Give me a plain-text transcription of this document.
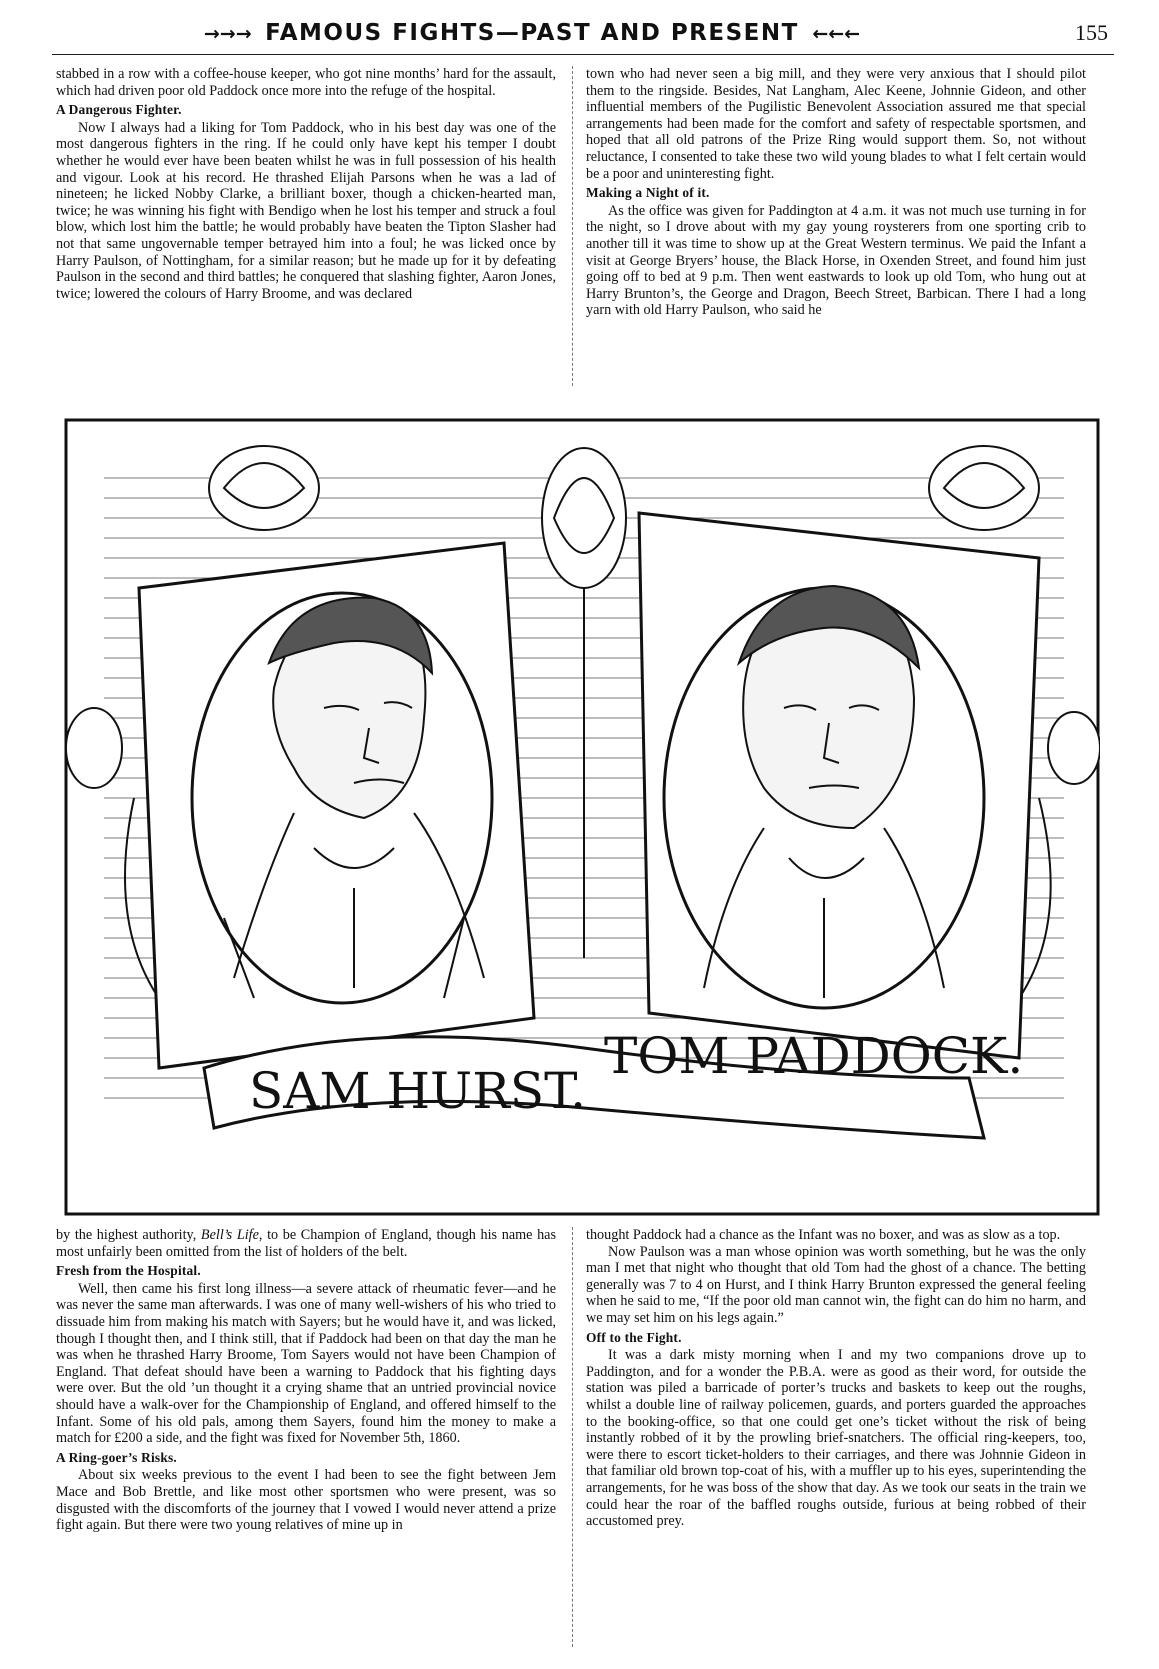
→→→ FAMOUS FIGHTS—PAST AND PRESENT ←←←	155

stabbed in a row with a coffee-house keeper, who got nine months’ hard for the assault, which had driven poor old Paddock once more into the refuge of the hospital.

A Dangerous Fighter.

Now I always had a liking for Tom Paddock, who in his best day was one of the most dangerous fighters in the ring. If he could only have kept his temper I doubt whether he would ever have been beaten whilst he was in full possession of his health and vigour. Look at his record. He thrashed Elijah Parsons when he was a lad of nineteen; he licked Nobby Clarke, a brilliant boxer, though a chicken-hearted man, twice; he was winning his fight with Bendigo when he lost his temper and struck a foul blow, which lost him the battle; he would probably have beaten the Tipton Slasher had not that same ungovernable temper betrayed him into a foul; he was licked once by Harry Paulson, of Nottingham, for a similar reason; but he made up for it by defeating Paulson in the second and third battles; he conquered that slashing fighter, Aaron Jones, twice; lowered the colours of Harry Broome, and was declared

town who had never seen a big mill, and they were very anxious that I should pilot them to the ringside. Besides, Nat Langham, Alec Keene, Johnnie Gideon, and other influential members of the Pugilistic Benevolent Association assured me that special arrangements had been made for the comfort and safety of respectable sportsmen, and hoped that all old patrons of the Prize Ring would support them. So, not without reluctance, I consented to take these two wild young blades to what I felt certain would be a poor and uninteresting fight.

Making a Night of it.

As the office was given for Paddington at 4 a.m. it was not much use turning in for the night, so I drove about with my gay young roysterers from one sporting crib to another till it was time to show up at the Great Western terminus. We paid the Infant a visit at George Bryers’ house, the Black Horse, in Oxenden Street, and found him just going off to bed at 9 p.m. Then went eastwards to look up old Tom, who hung out at Harry Brunton’s, the George and Dragon, Beech Street, Barbican. There I had a long yarn with old Harry Paulson, who said he

SAM HURST.
TOM PADDOCK.

by the highest authority, Bell’s Life, to be Champion of England, though his name has most unfairly been omitted from the list of holders of the belt.

Fresh from the Hospital.

Well, then came his first long illness—a severe attack of rheumatic fever—and he was never the same man afterwards. I was one of many well-wishers of his who tried to dissuade him from making his match with Sayers; but he would have it, and was licked, though I thought then, and I think still, that if Paddock had been on that day the man he was when he thrashed Harry Broome, Tom Sayers would not have been Champion of England. That defeat should have been a warning to Paddock that his fighting days were over. But the old ’un thought it a crying shame that an untried provincial novice should have a walk-over for the Championship of England, and offered himself to the Infant. Some of his old pals, among them Sayers, found him the money to make a match for £200 a side, and the fight was fixed for November 5th, 1860.

A Ring-goer’s Risks.

About six weeks previous to the event I had been to see the fight between Jem Mace and Bob Brettle, and like most other sportsmen who were present, was so disgusted with the discomforts of the journey that I vowed I would never attend a prize fight again. But there were two young relatives of mine up in

thought Paddock had a chance as the Infant was no boxer, and was as slow as a top.

Now Paulson was a man whose opinion was worth something, but he was the only man I met that night who thought that old Tom had the ghost of a chance. The betting generally was 7 to 4 on Hurst, and I think Harry Brunton expressed the general feeling when he said to me, “If the poor old man cannot win, the fight can do him no harm, and we may set him on his legs again.”

Off to the Fight.

It was a dark misty morning when I and my two companions drove up to Paddington, and for a wonder the P.B.A. were as good as their word, for outside the station was piled a barricade of porter’s trucks and baskets to keep out the roughs, whilst a double line of railway policemen, guards, and porters guarded the approaches to the booking-office, so that one could get one’s ticket without the risk of being instantly robbed of it by the prowling brief-snatchers. The official ring-keepers, too, were there to escort ticket-holders to their carriages, and there was Johnnie Gideon in that familiar old brown top-coat of his, with a muffler up to his eyes, superintending the arrangements, for he was boss of the show that day. As we took our seats in the train we could hear the roar of the baffled roughs outside, furious at being robbed of their accustomed prey.
